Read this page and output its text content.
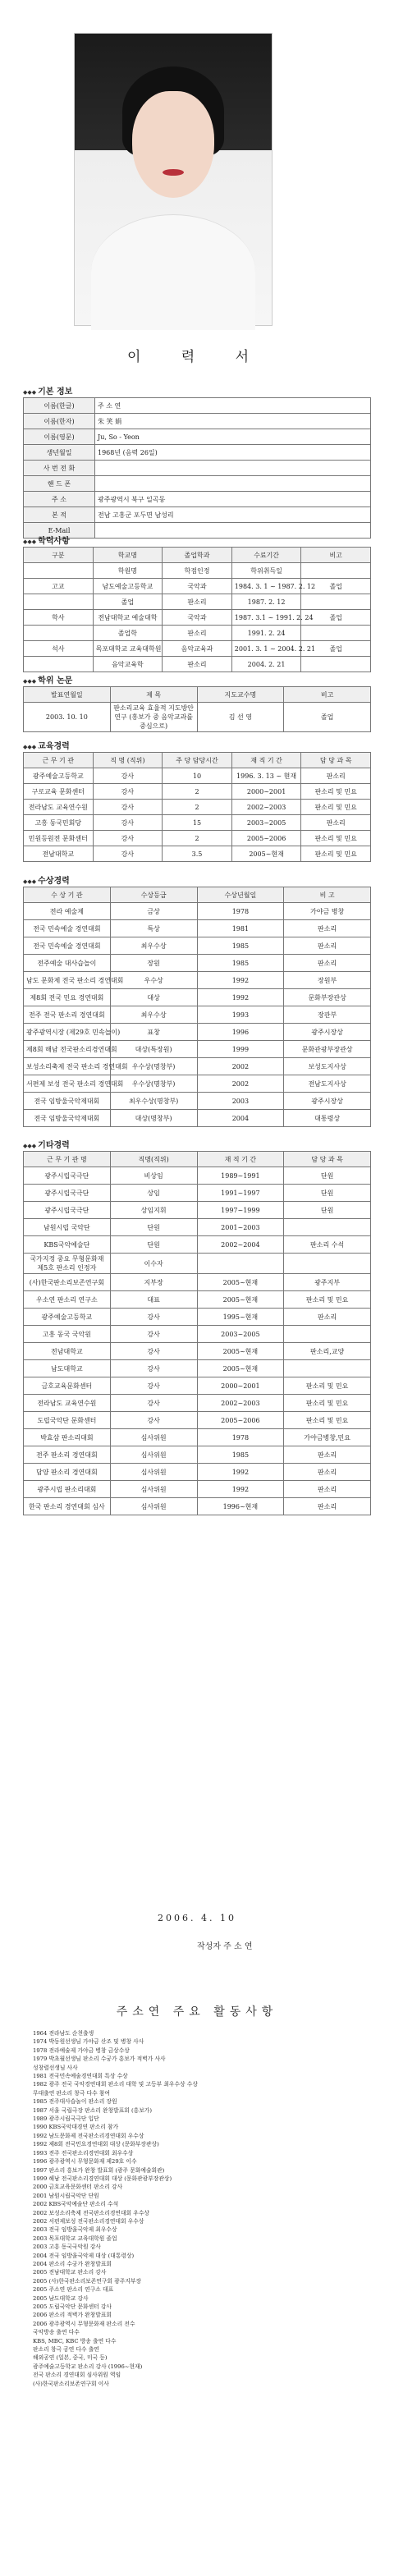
이 력 서
◆◆◆ 기본 정보
이름(한글)	주 소 연
이름(한자)	朱 笑 娟
이름(영문)	Ju, So - Yeon
생년월일	1968년 (음력 26일)
사 번 전 화	
핸 드 폰	
주 소	광주광역시 북구 일곡동
본 적	전남 고흥군 포두면 남성리
E-Mail	
◆◆◆ 학력사항
구분	학교명	졸업학과	수료기간	비고
	학원명	학점인정	학위취득일	
고교	남도예술고등학교	국악과	1984. 3. 1 ~ 1987. 2. 12	졸업
	졸업	판소리	1987. 2. 12	
학사	전남대학교 예술대학	국악과	1987. 3.1 ~ 1991. 2. 24	졸업
	졸업학	판소리	1991. 2. 24	
석사	목포대학교 교육대학원	음악교육과	2001. 3. 1 ~ 2004. 2. 21	졸업
	음악교육학	판소리	2004. 2. 21	
◆◆◆ 학위 논문
발표연월일	제 목	지도교수명	비고
2003. 10. 10	판소리교육 효율적 지도방안 연구 (흥보가 중 음악교과를 중심으로)	김 선 영	졸업
◆◆◆ 교육경력
근 무 기 관	직 명 (직위)	주 당 담당시간	재 직 기 간	담 당 과 목
광주예술고등학교	강사	10	1996. 3. 13 ~ 현재	판소리
구로교육 문화센터	강사	2	2000~2001	판소리 및 민요
전라남도 교육연수원	강사	2	2002~2003	판소리 및 민요
고흥 동국민회당	강사	15	2003~2005	판소리
민원등원전 문화센터	강사	2	2005~2006	판소리 및 민요
전남대학교	강사	3.5	2005~현재	판소리 및 민요
◆◆◆ 수상경력
수 상 기 관	수상등급	수상년월일	비 고
전라 예술제	금상	1978	가야금 병창
전국 민속예술 경연대회	특상	1981	판소리
전국 민속예술 경연대회	최우수상	1985	판소리
전주예술 대사습놀이	장원	1985	판소리
남도 문화제 전국 판소리 경연대회	우수상	1992	장원부
제8회 전국 민요 경연대회	대상	1992	문화부장관상
전주 전국 판소리 경연대회	최우수상	1993	장관부
광주광역시장 (제29호 민속놀이)	표창	1996	광주시장상
제8회 해남 전국판소리경연대회	대상(특장원)	1999	문화관광부장관상
보성소리축제 전국 판소리 경연대회	우수상(명창부)	2002	보성도지사상
서편제 보성 전국 판소리 경연대회	우수상(명창부)	2002	전남도지사상
전국 임방울국악제대회	최우수상(명창부)	2003	광주시장상
전국 임방울국악제대회	대상(명창부)	2004	대통령상
◆◆◆ 기타경력
근 무 기 관 명	직명(직위)	재 직 기 간	담 당 과 목
광주시립국극단	비상임	1989~1991	단원
광주시립국극단	상임	1991~1997	단원
광주시립국극단	상임지휘	1997~1999	단원
남원시립 국악단	단원	2001~2003	
KBS국악예술단	단원	2002~2004	판소리 수석
국가지정 중요 무형문화재 제5호 판소리 인정자	이수자		
(사)한국판소리보존연구회	지부장	2005~현재	광주지부
우소연 판소리 연구소	대표	2005~현재	판소리 및 민요
광주예술고등학교	강사	1995~현재	판소리
고흥 동국 국악원	강사	2003~2005	
전남대학교	강사	2005~현재	판소리,교양
남도대학교	강사	2005~현재	
금호교육문화센터	강사	2000~2001	판소리 및 민요
전라남도 교육연수원	강사	2002~2003	판소리 및 민요
도립국악단 문화센터	강사	2005~2006	판소리 및 민요
박효삼 판소리대회	심사위원	1978	가야금병창,민요
전주 판소리 경연대회	심사위원	1985	판소리
담양 판소리 경연대회	심사위원	1992	판소리
광주시립 판소리대회	심사위원	1992	판소리
한국 판소리 경연대회 심사	심사위원	1996~현재	판소리
2006. 4. 10
작성자 주 소 연
주소연 주요 활동사항
1964 전라남도 순천출생
1974 박동원선생님 가야금 산조 및 병창 사사
1978 전라예술제 가야금 병창 금상수상
1979 박초월선생님 판소리 수궁가 흥보가 적벽가 사사
성창렬선생님 사사
1981 전국민속예술경연대회 특상 수상
1982 광주 전국 국악경연대회 판소리 대학 및 고등부 최우수상 수상
무대출연 판소리 창극 다수 참여
1985 전주대사습놀이 판소리 장원
1987 서울 국립극장 판소리 완창발표회 (흥보가)
1989 광주시립국극단 입단
1990 KBS국악대경연 판소리 참가
1992 남도문화제 전국판소리경연대회 우수상
1992 제8회 전국민요경연대회 대상 (문화부장관상)
1993 전주 전국판소리경연대회 최우수상
1996 광주광역시 무형문화재 제29호 이수
1997 판소리 흥보가 완창 발표회 (광주 문화예술회관)
1999 해남 전국판소리경연대회 대상 (문화관광부장관상)
2000 금호교육문화센터 판소리 강사
2001 남원시립국악단 단원
2002 KBS국악예술단 판소리 수석
2002 보성소리축제 전국판소리경연대회 우수상
2002 서편제보성 전국판소리경연대회 우수상
2003 전국 임방울국악제 최우수상
2003 목포대학교 교육대학원 졸업
2003 고흥 동국국악원 강사
2004 전국 임방울국악제 대상 (대통령상)
2004 판소리 수궁가 완창발표회
2005 전남대학교 판소리 강사
2005 (사)한국판소리보존연구회 광주지부장
2005 주소연 판소리 연구소 대표
2005 남도대학교 강사
2005 도립국악단 문화센터 강사
2006 판소리 적벽가 완창발표회
2006 광주광역시 무형문화재 판소리 전수
국악방송 출연 다수
KBS, MBC, KBC 방송 출연 다수
판소리 창극 공연 다수 출연
해외공연 (일본, 중국, 미국 등)
광주예술고등학교 판소리 강사 (1996~현재)
전국 판소리 경연대회 심사위원 역임
(사)한국판소리보존연구회 이사
